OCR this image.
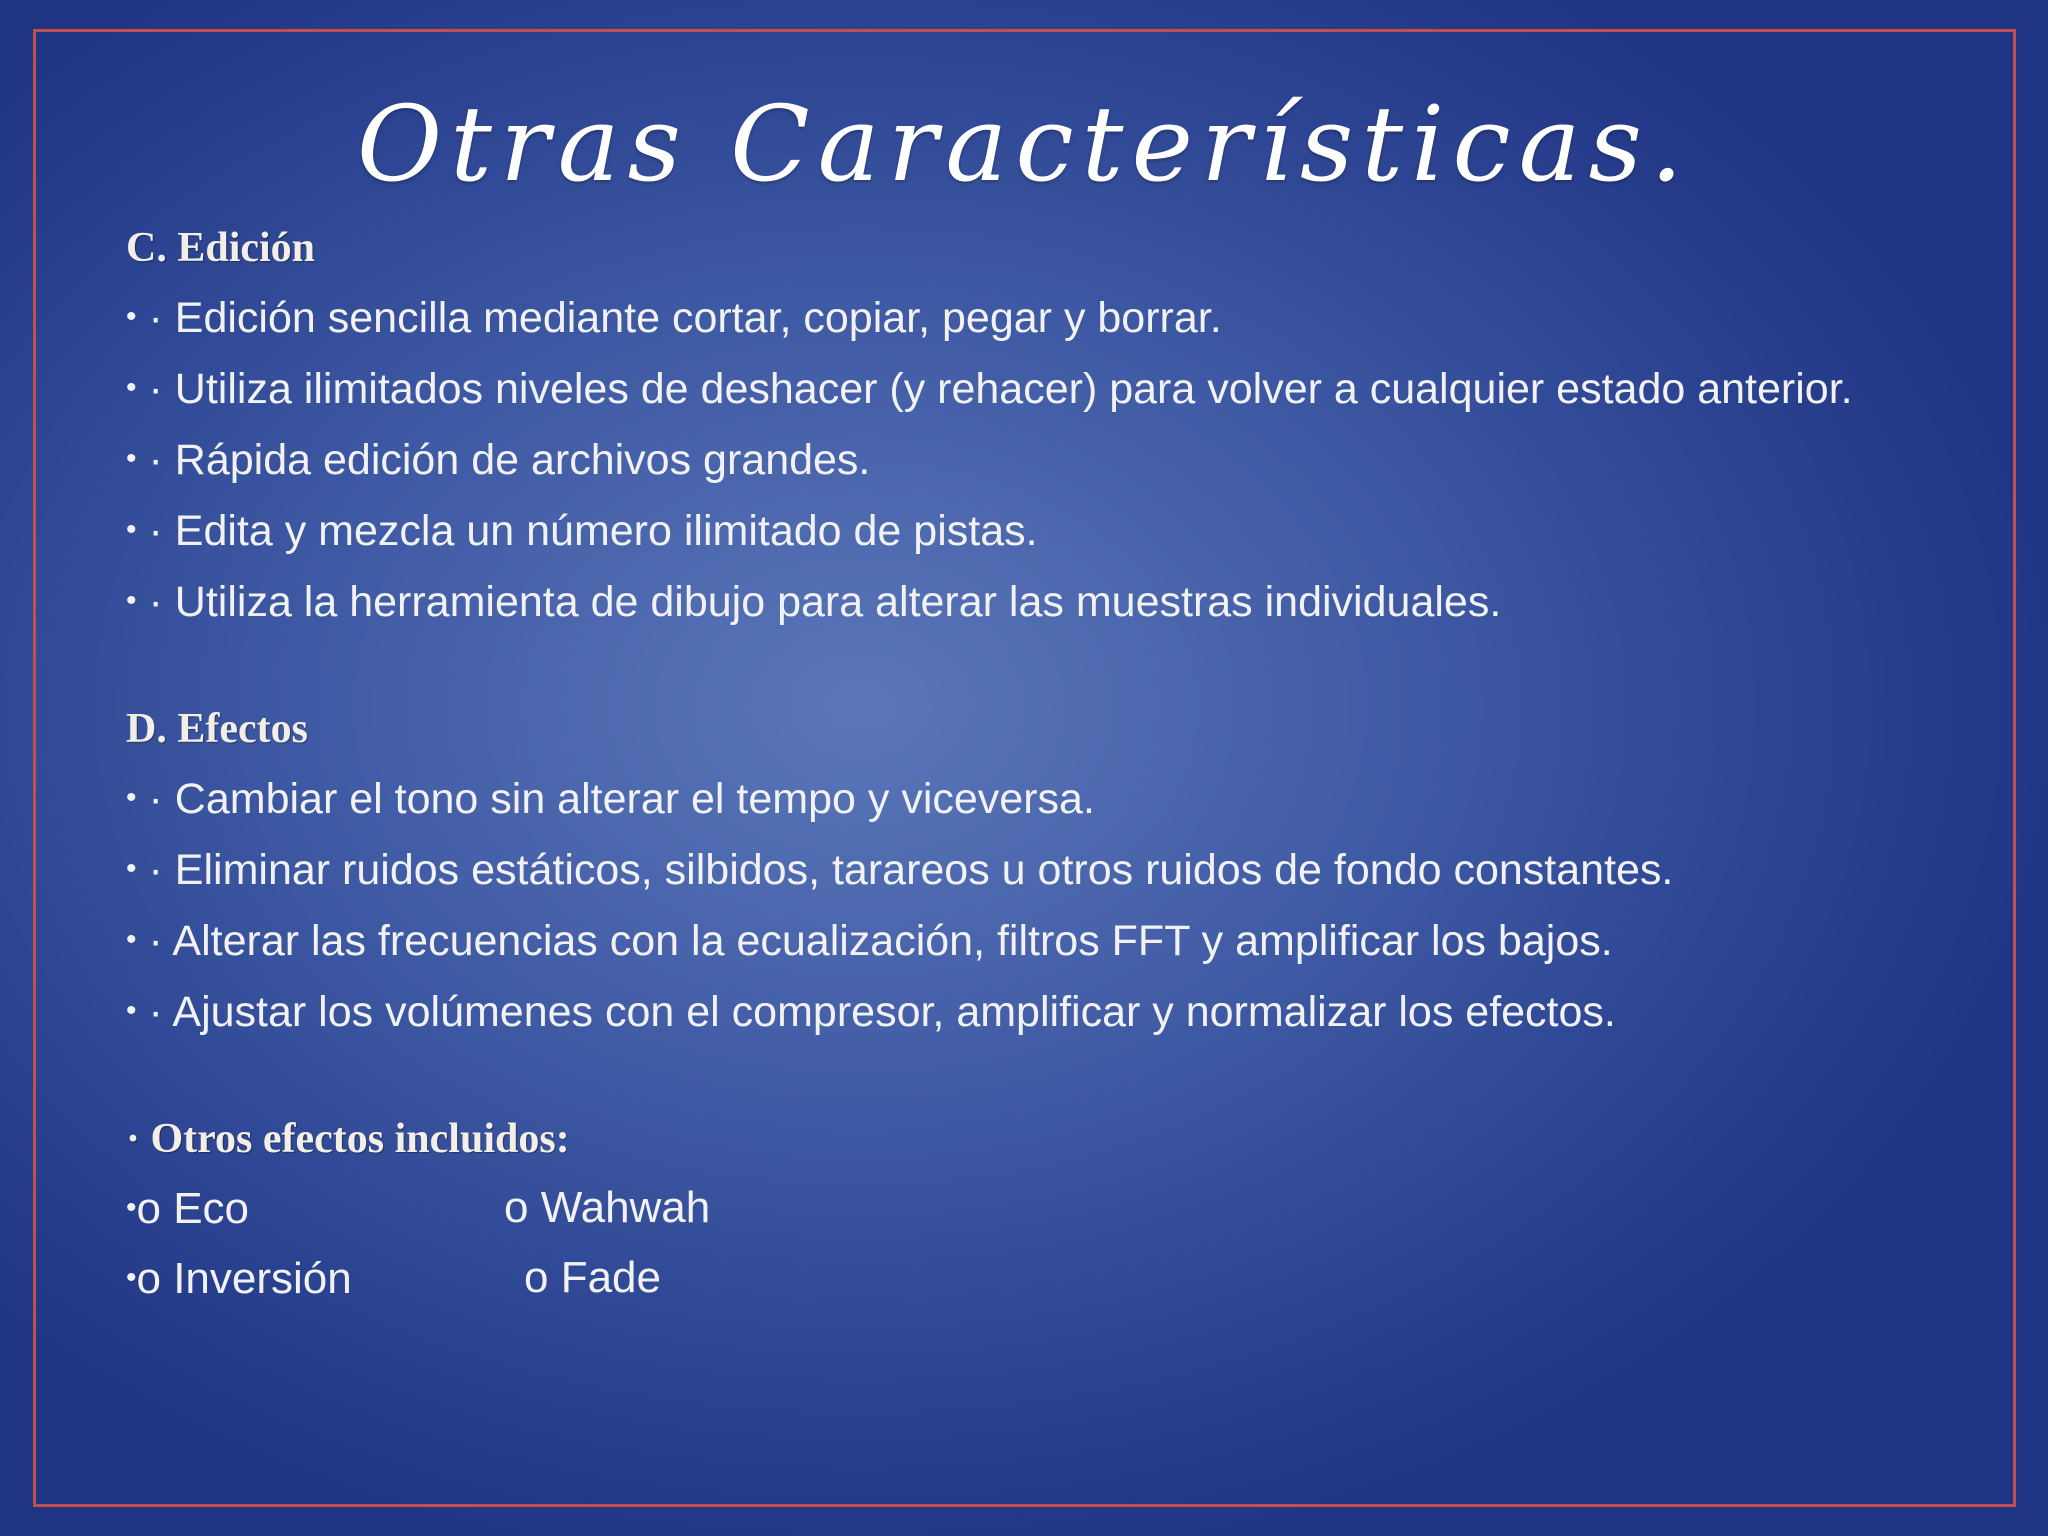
Otras Características.
C. Edición
• · Edición sencilla mediante cortar, copiar, pegar y borrar.
• · Utiliza ilimitados niveles de deshacer (y rehacer) para volver a cualquier estado anterior.
• · Rápida edición de archivos grandes.
• · Edita y mezcla un número ilimitado de pistas.
• · Utiliza la herramienta de dibujo para alterar las muestras individuales.
D. Efectos
• · Cambiar el tono sin alterar el tempo y viceversa.
• · Eliminar ruidos estáticos, silbidos, tarareos u otros ruidos de fondo constantes.
• · Alterar las frecuencias con la ecualización, filtros FFT y amplificar los bajos.
• · Ajustar los volúmenes con el compresor, amplificar y normalizar los efectos.
· Otros efectos incluidos:
•o Eco	o Wahwah
•o Inversión	o Fade
